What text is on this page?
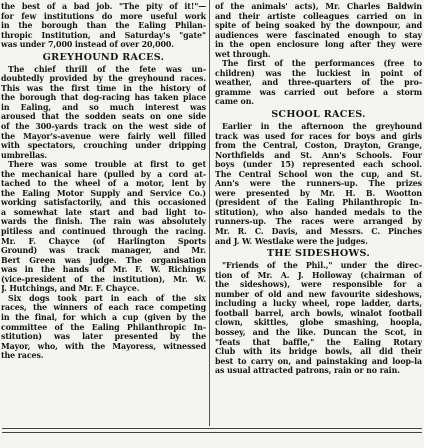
the best of a bad job. "The pity of it!"—
for few institutions do more useful work
in the borough than the Ealing Philan-
thropic Institution, and Saturday's "gate"
was under 7,000 instead of over 20,000.
GREYHOUND RACES.
The chief thrill of the fete was un-
doubtedly provided by the greyhound races.
This was the first time in the history of
the borough that dog-racing has taken place
in Ealing, and so much interest was
aroused that the sodden seats on one side
of the 300-yards track on the west side of
the Mayor's-avenue were fairly well filled
with spectators, crouching under dripping
umbrellas.
There was some trouble at first to get
the mechanical hare (pulled by a cord at-
tached to the wheel of a motor, lent by
the Ealing Motor Supply and Service Co.)
working satisfactorily, and this occasioned
a somewhat late start and bad light to-
wards the finish. The rain was absolutely
pitiless and continued through the racing.
Mr. F. Chayce (of Harlington Sports
Ground) was track manager, and Mr.
Bert Green was judge. The organisation
was in the hands of Mr. F. W. Richings
(vice-president of the institution), Mr. W.
J. Hutchings, and Mr. F. Chayce.
Six dogs took part in each of the six
races, the winners of each race competing
in the final, for which a cup (given by the
committee of the Ealing Philanthropic In-
stitution) was later presented by the
Mayor, who, with the Mayoress, witnessed
the races.
of the animals' acts), Mr. Charles Baldwin
and their artiste colleagues carried on in
spite of being soaked by the downpour, and
audiences were fascinated enough to stay
in the open enclosure long after they were
wet through.
The first of the performances (free to
children) was the luckiest in point of
weather, and three-quarters of the pro-
gramme was carried out before a storm
came on.
SCHOOL RACES.
Earlier in the afternoon the greyhound
track was used for races for boys and girls
from the Central, Coston, Drayton, Grange,
Northfields and St. Ann's Schools. Four
boys (under 15) represented each school.
The Central School won the cup, and St.
Ann's were the runners-up. The prizes
were presented by Mr. H. B. Wootton
(president of the Ealing Philanthropic In-
stitution), who also handed medals to the
runners-up. The races were arranged by
Mr. R. C. Davis, and Messrs. C. Pinches
and J. W. Westlake were the judges.
THE SIDESHOWS.
"Friends of the Phil.," under the direc-
tion of Mr. A. J. Holloway (chairman of
the sideshows), were responsible for a
number of old and new favourite sideshows,
including a lucky wheel, rope ladder, darts,
football barrel, arch bowls, winalot football
clown, skittles, globe smashing, hoopla,
bossey, and the like. Duncan the Scot, in
"feats that baffle," the Ealing Rotary
Club with its bridge bowls, all did their
best to carry on, and painstaking and loop-la
as usual attracted patrons, rain or no rain.
